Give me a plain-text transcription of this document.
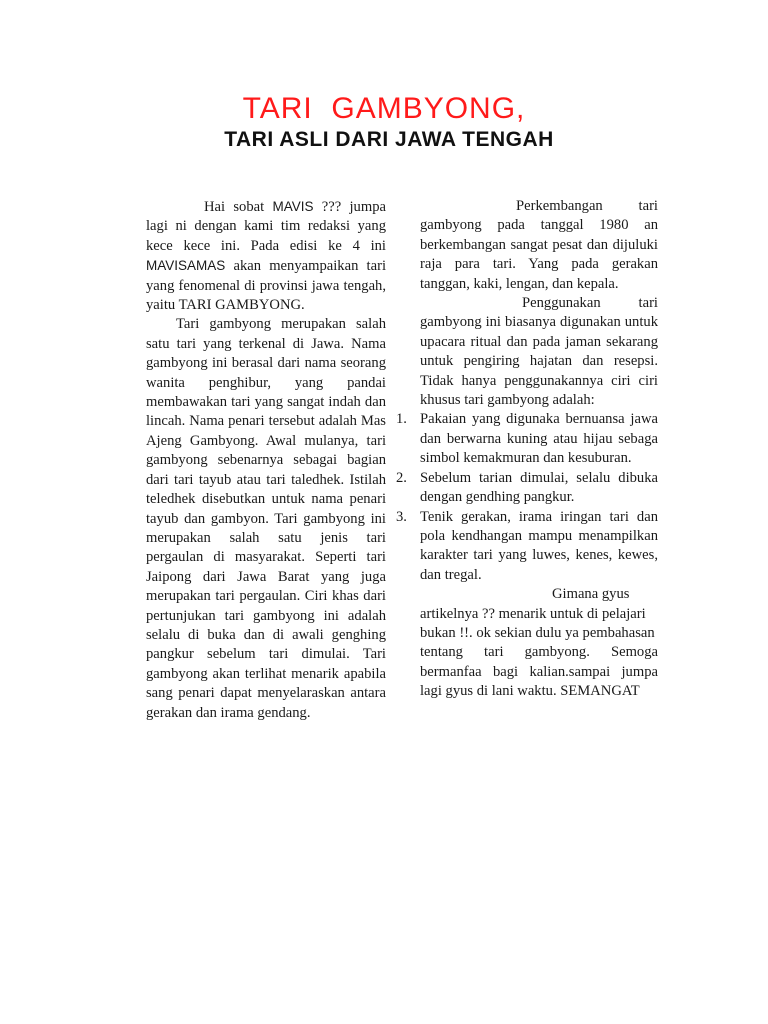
TARI  GAMBYONG,
TARI ASLI DARI JAWA TENGAH

Hai sobat MAVIS ??? jumpa lagi ni dengan kami tim redaksi yang kece kece ini. Pada edisi ke 4 ini MAVISAMAS akan menyampaikan tari yang fenomenal di provinsi jawa tengah, yaitu TARI GAMBYONG.

Tari gambyong merupakan salah satu tari yang terkenal di Jawa. Nama gambyong ini berasal dari nama seorang wanita penghibur, yang pandai membawakan tari yang sangat indah dan lincah. Nama penari tersebut adalah Mas Ajeng Gambyong. Awal mulanya, tari gambyong sebenarnya sebagai bagian dari tari tayub atau tari taledhek. Istilah teledhek disebutkan untuk nama penari tayub dan gambyon. Tari gambyong ini merupakan salah satu jenis tari pergaulan di masyarakat. Seperti tari Jaipong dari Jawa Barat yang juga merupakan tari pergaulan. Ciri khas dari pertunjukan tari gambyong ini adalah selalu di buka dan di awali genghing pangkur sebelum tari dimulai. Tari gambyong akan terlihat menarik apabila sang penari dapat menyelaraskan antara gerakan dan irama gendang.

Perkembangan tari gambyong pada tanggal 1980 an berkembangan sangat pesat dan dijuluki raja para tari. Yang pada gerakan tanggan, kaki, lengan, dan kepala.

Penggunakan tari gambyong ini biasanya digunakan untuk upacara ritual dan pada jaman sekarang untuk pengiring hajatan dan resepsi. Tidak hanya penggunakannya ciri ciri khusus tari gambyong adalah:

1. Pakaian yang digunaka bernuansa jawa dan berwarna kuning atau hijau sebaga simbol kemakmuran dan kesuburan.
2. Sebelum tarian dimulai, selalu dibuka dengan gendhing pangkur.
3. Tenik gerakan, irama iringan tari dan pola kendhangan mampu menampilkan karakter tari yang luwes, kenes, kewes, dan tregal.

Gimana gyus artikelnya ?? menarik untuk di pelajari bukan !!. ok sekian dulu ya pembahasan

tentang tari gambyong. Semoga bermanfaa bagi kalian.sampai jumpa lagi gyus di lani waktu. SEMANGAT
